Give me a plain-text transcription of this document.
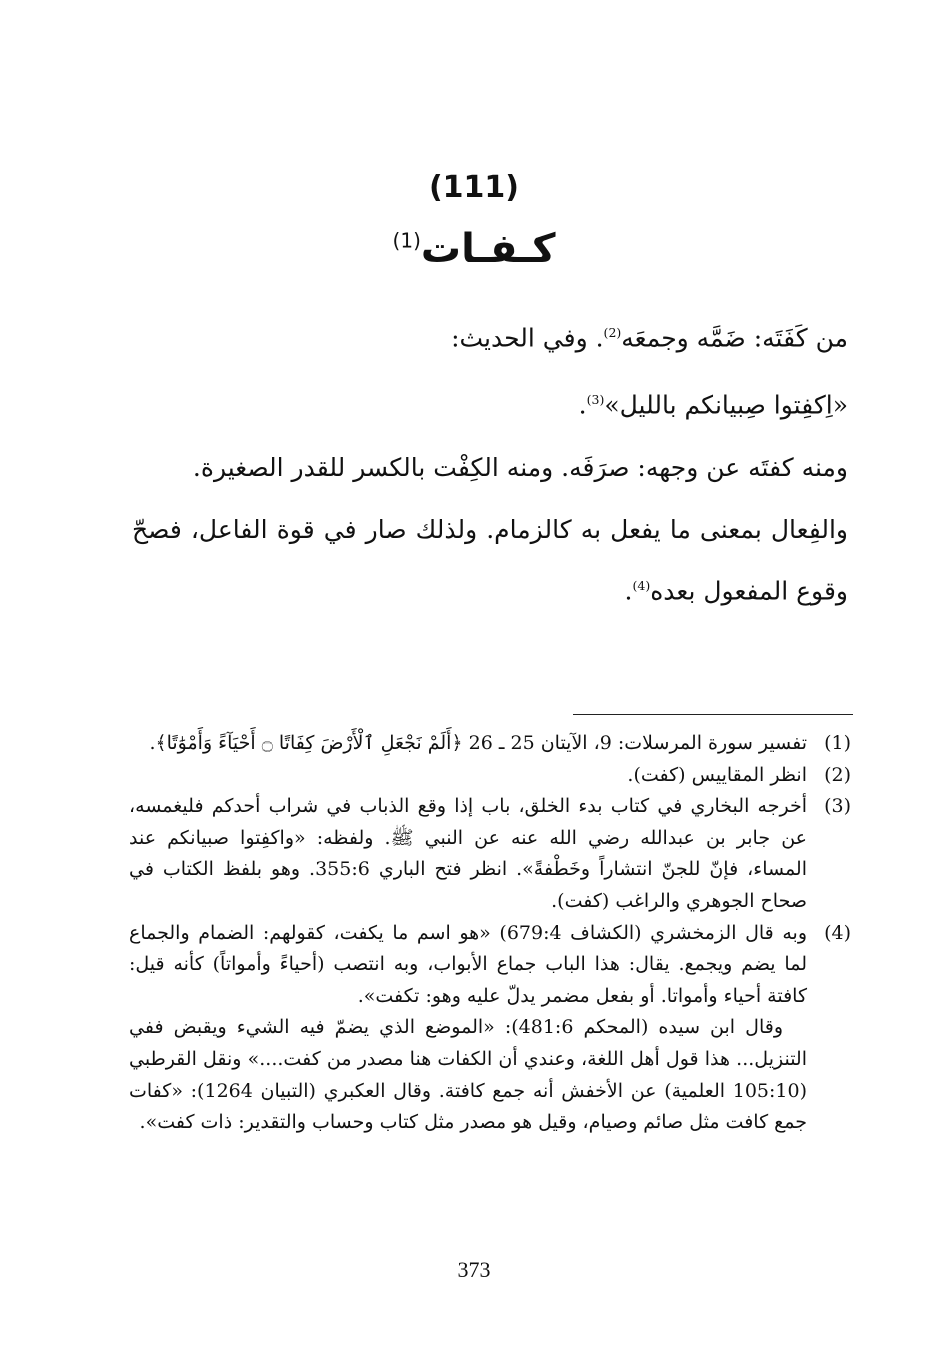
(111)
كـفـات$^{(1)}$

من كَفَتَه: ضَمَّه وجمعَه$^{(2)}$. وفي الحديث:

«اِكفِتوا صِبيانكم بالليل»$^{(3)}$.

ومنه كفتَه عن وجهه: صرَفَه. ومنه الكِفْت بالكسر للقدر الصغيرة.

والفِعال بمعنى ما يفعل به كالزمام. ولذلك صار في قوة الفاعل، فصحّ وقوع المفعول بعده$^{(4)}$.

(1)
تفسير سورة المرسلات: 9، الآيتان 25 ـ 26 ﴿أَلَمْ نَجْعَلِ ٱلْأَرْضَ كِفَاتًا ۝ أَحْيَآءً وَأَمْوَٰتًا﴾.
(2)
انظر المقاييس (كفت).
(3)
أخرجه البخاري في كتاب بدء الخلق، باب إذا وقع الذباب في شراب أحدكم فليغمسه، عن جابر بن عبدالله رضي الله عنه عن النبي ﷺ. ولفظه: «واكفِتوا صبيانكم عند المساء، فإنّ للجنّ انتشاراً وخَطْفةً». انظر فتح الباري 355:6. وهو بلفظ الكتاب في صحاح الجوهري والراغب (كفت).
(4)
وبه قال الزمخشري (الكشاف 679:4) «هو اسم ما يكفت، كقولهم: الضمام والجماع لما يضم ويجمع. يقال: هذا الباب جماع الأبواب، وبه انتصب (أحياءً وأمواتاً) كأنه قيل: كافتة أحياء وأمواتا. أو بفعل مضمر يدلّ عليه وهو: تكفت».
وقال ابن سيده (المحكم 481:6): «الموضع الذي يضمّ فيه الشيء ويقبض ففي التنزيل... هذا قول أهل اللغة، وعندي أن الكفات هنا مصدر من كفت....» ونقل القرطبي (105:10 العلمية) عن الأخفش أنه جمع كافتة. وقال العكبري (التبيان 1264): «كفات جمع كافت مثل صائم وصيام، وقيل هو مصدر مثل كتاب وحساب والتقدير: ذات كفت».
373
